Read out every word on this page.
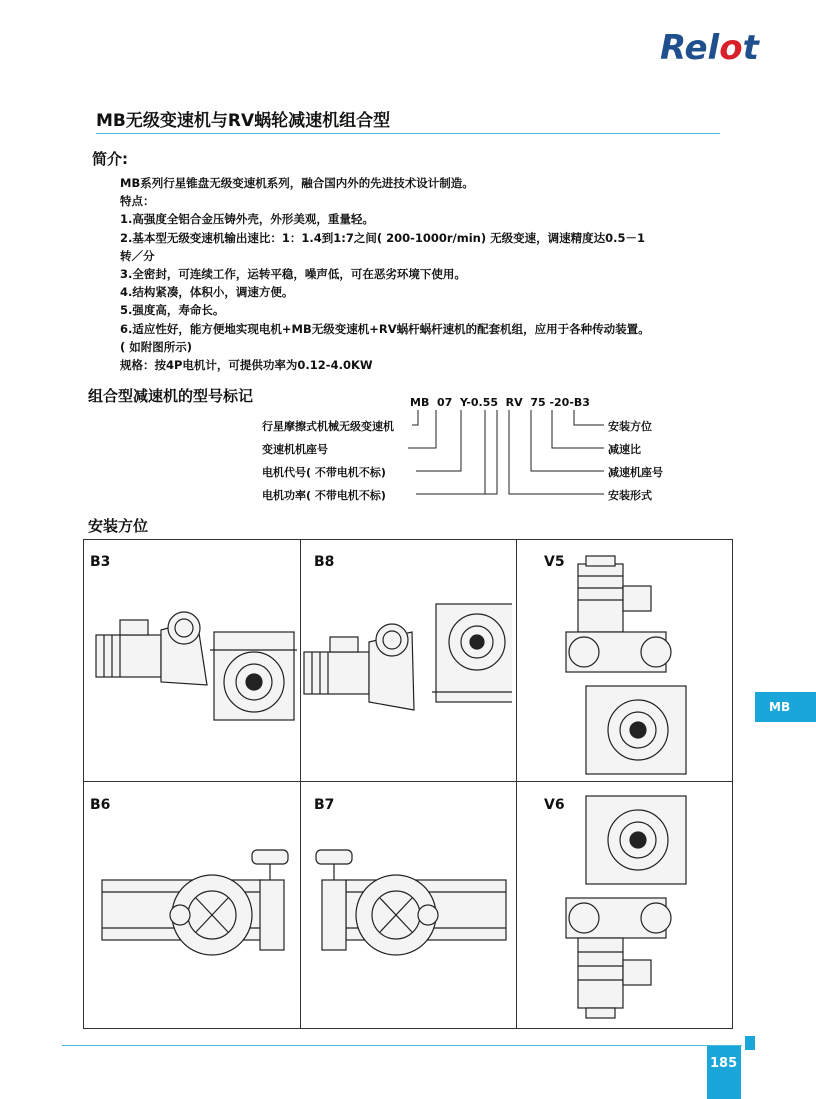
Relot
MB无级变速机与RV蜗轮减速机组合型
简介:
MB系列行星锥盘无级变速机系列，融合国内外的先进技术设计制造。
特点：
1.高强度全铝合金压铸外壳，外形美观，重量轻。
2.基本型无级变速机输出速比：1：1.4到1:7之间( 200-1000r/min) 无级变速，调速精度达0.5－1
转／分
3.全密封，可连续工作，运转平稳，噪声低，可在恶劣环境下使用。
4.结构紧凑，体积小，调速方便。
5.强度高，寿命长。
6.适应性好，能方便地实现电机+MB无级变速机+RV蜗杆蜗杆速机的配套机组，应用于各种传动装置。
( 如附图所示)
规格：按4P电机计，可提供功率为0.12-4.0KW
组合型减速机的型号标记	MB  07  Y-0.55  RV  75 -20-B3
行星摩擦式机械无级变速机
变速机机座号
电机代号( 不带电机不标)
电机功率( 不带电机不标)
安装方位
减速比
减速机座号
安装形式
安装方位
B3	B8	V5
B6	B7	V6
MB
185
